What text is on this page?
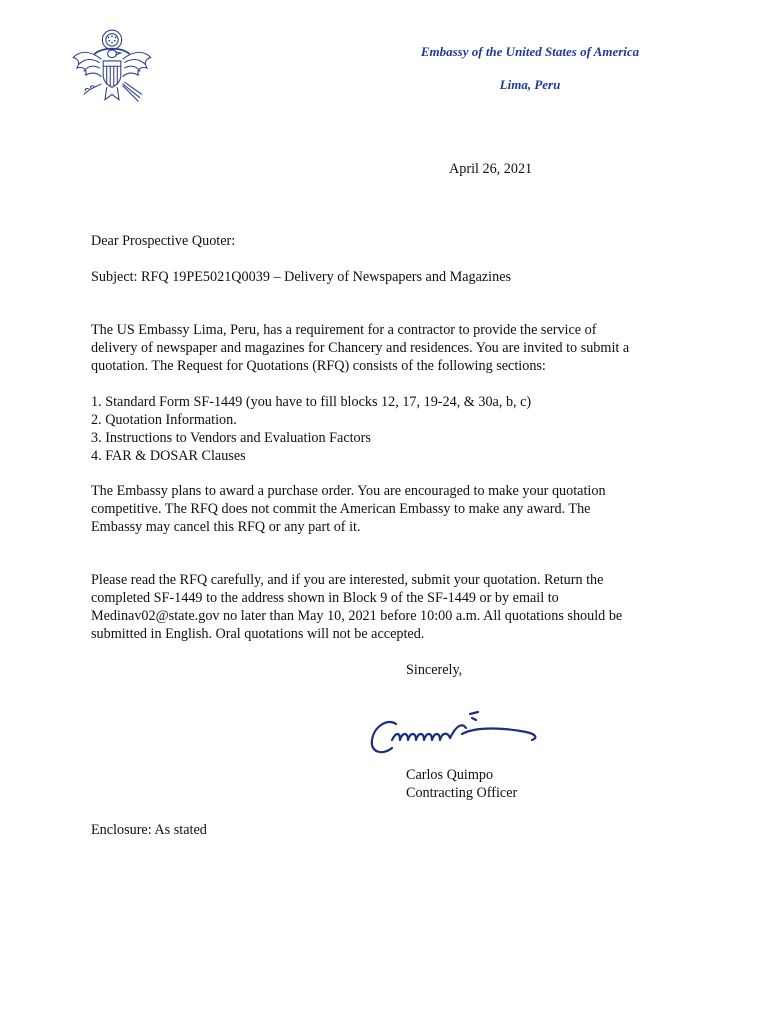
Embassy of the United States of America
Lima, Peru
April 26, 2021
Dear Prospective Quoter:
Subject: RFQ 19PE5021Q0039 – Delivery of Newspapers and Magazines
The US Embassy Lima, Peru, has a requirement for a contractor to provide the service of
delivery of newspaper and magazines for Chancery and residences. You are invited to submit a
quotation. The Request for Quotations (RFQ) consists of the following sections:
1. Standard Form SF-1449 (you have to fill blocks 12, 17, 19-24, & 30a, b, c)
2. Quotation Information.
3. Instructions to Vendors and Evaluation Factors
4. FAR & DOSAR Clauses
The Embassy plans to award a purchase order. You are encouraged to make your quotation
competitive. The RFQ does not commit the American Embassy to make any award. The
Embassy may cancel this RFQ or any part of it.
Please read the RFQ carefully, and if you are interested, submit your quotation. Return the
completed SF-1449 to the address shown in Block 9 of the SF-1449 or by email to
Medinav02@state.gov no later than May 10, 2021 before 10:00 a.m. All quotations should be
submitted in English. Oral quotations will not be accepted.
Sincerely,
Carlos Quimpo
Contracting Officer
Enclosure: As stated
